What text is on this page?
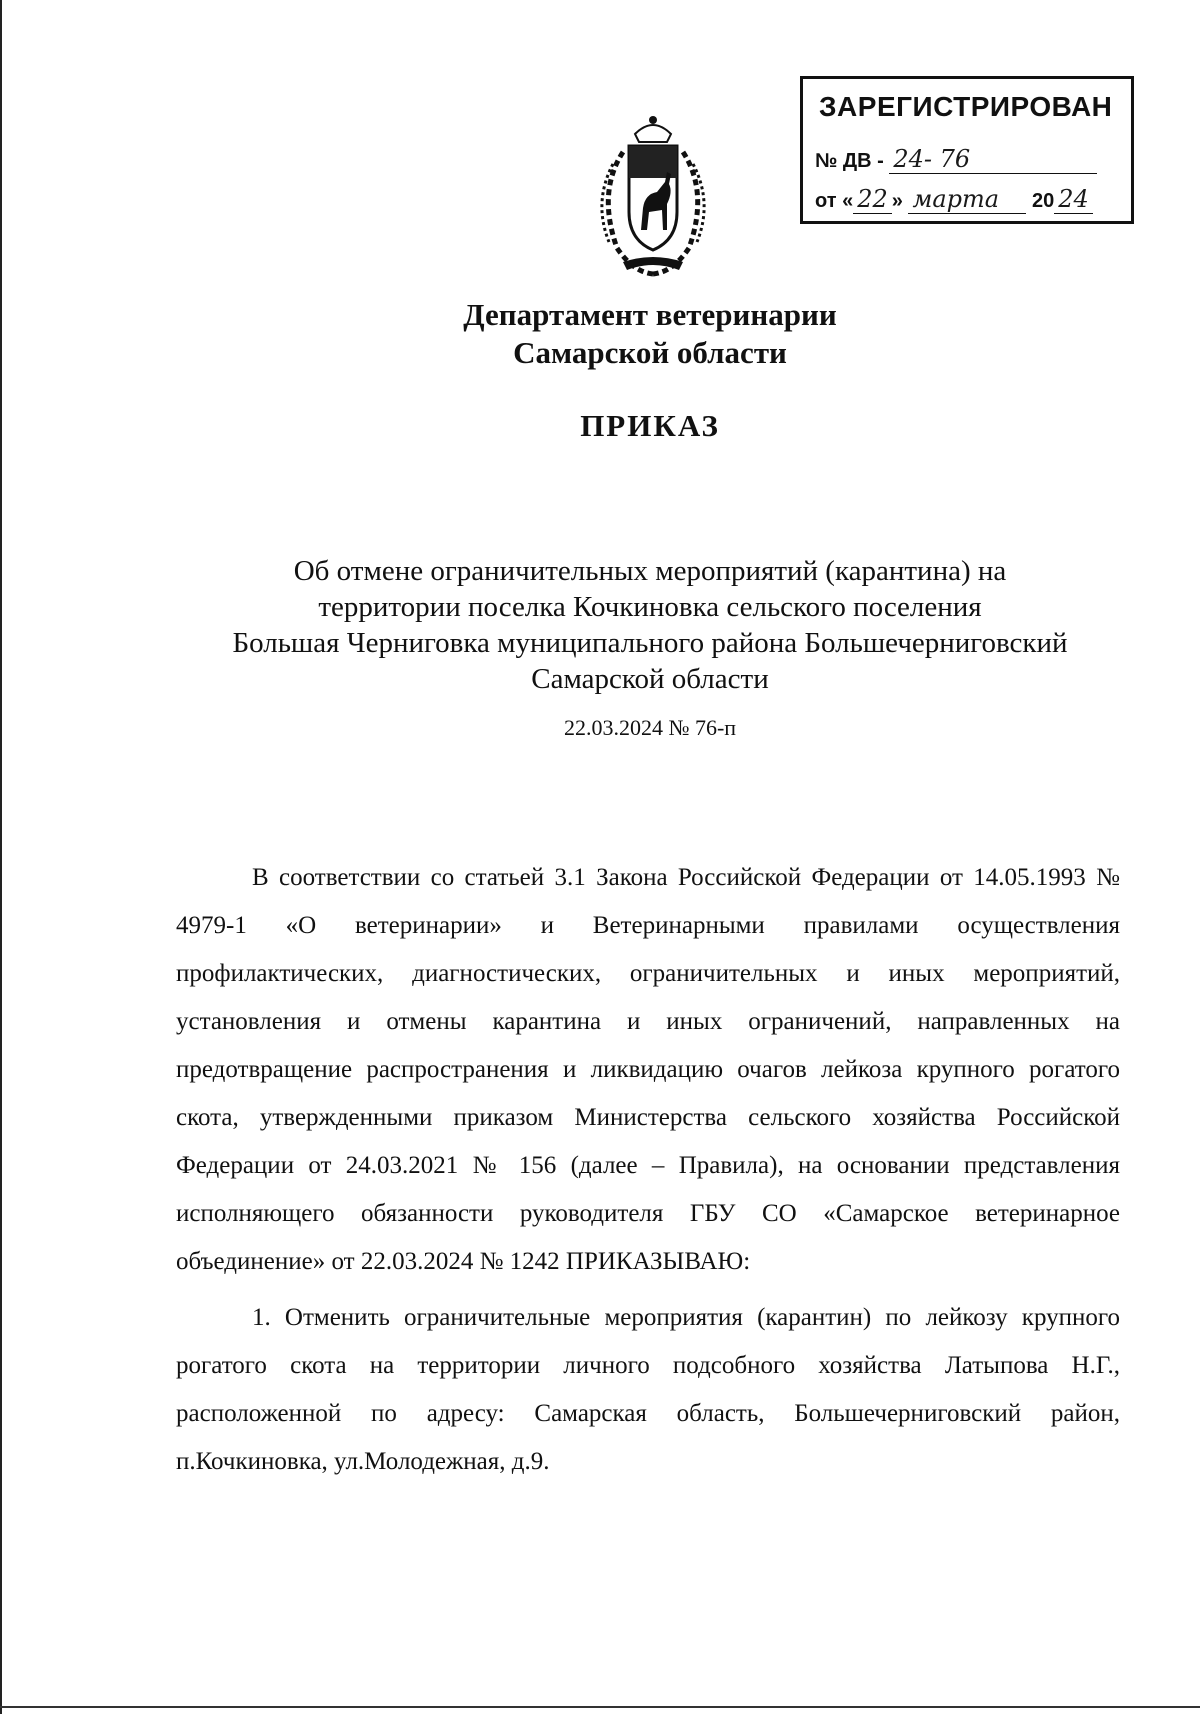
ЗАРЕГИСТРИРОВАН
№ ДВ - 24- 76
от « 22 » марта 20 24
Департамент ветеринарии
Самарской области
ПРИКАЗ
Об отмене ограничительных мероприятий (карантина) на
территории поселка Кочкиновка сельского поселения
Большая Черниговка муниципального района Большечерниговский
Самарской области
22.03.2024 № 76-п

В соответствии со статьей 3.1 Закона Российской Федерации от 14.05.1993 № 4979-1 «О ветеринарии» и Ветеринарными правилами осуществления профилактических, диагностических, ограничительных и иных мероприятий, установления и отмены карантина и иных ограничений, направленных на предотвращение распространения и ликвидацию очагов лейкоза крупного рогатого скота, утвержденными приказом Министерства сельского хозяйства Российской Федерации от 24.03.2021 № 156 (далее – Правила), на основании представления исполняющего обязанности руководителя ГБУ СО «Самарское ветеринарное объединение» от 22.03.2024 № 1242 ПРИКАЗЫВАЮ:

1. Отменить ограничительные мероприятия (карантин) по лейкозу крупного рогатого скота на территории личного подсобного хозяйства Латыпова Н.Г., расположенной по адресу: Самарская область, Большечерниговский район, п.Кочкиновка, ул.Молодежная, д.9.
